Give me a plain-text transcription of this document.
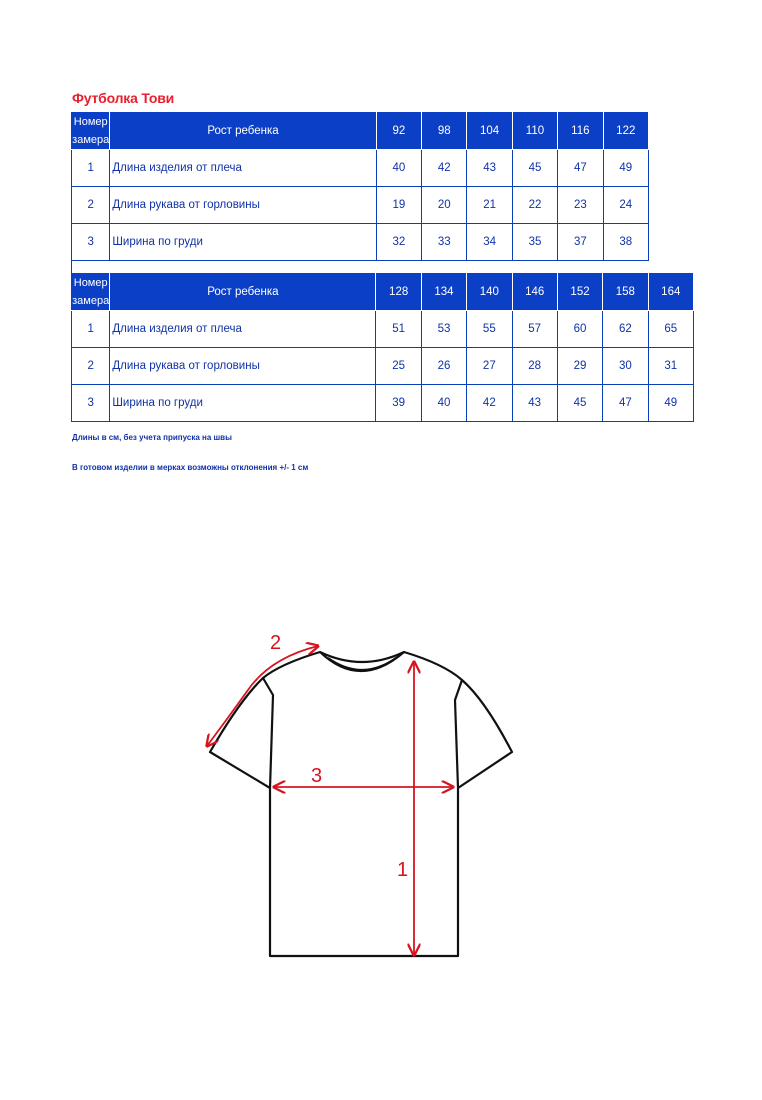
Футболка Тови
Номер
замера	Рост ребенка	92	98	104	110	116	122
1	Длина изделия от плеча	40	42	43	45	47	49
2	Длина рукава от горловины	19	20	21	22	23	24
3	Ширина по груди	32	33	34	35	37	38
Номер
замера	Рост ребенка	128	134	140	146	152	158	164
1	Длина изделия от плеча	51	53	55	57	60	62	65
2	Длина рукава от горловины	25	26	27	28	29	30	31
3	Ширина по груди	39	40	42	43	45	47	49
Длины в см, без учета припуска на швы
В готовом изделии в мерках возможны отклонения +/- 1 см
1
2
3
